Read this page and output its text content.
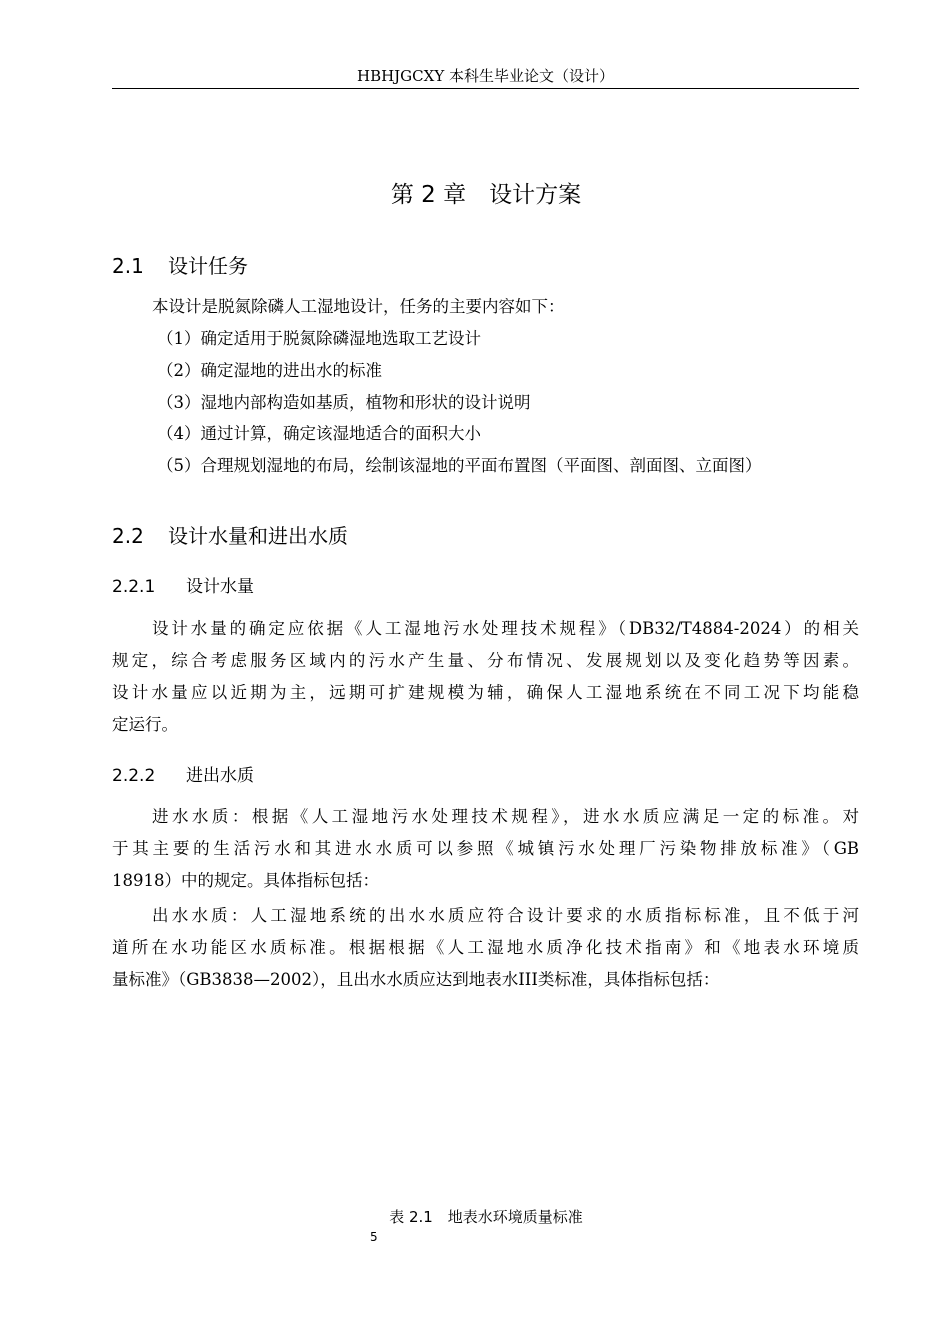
HBHJGCXY 本科生毕业论文（设计）
第 2 章　设计方案
2.1 设计任务
本设计是脱氮除磷人工湿地设计，任务的主要内容如下：
（1）确定适用于脱氮除磷湿地选取工艺设计
（2）确定湿地的进出水的标准
（3）湿地内部构造如基质，植物和形状的设计说明
（4）通过计算，确定该湿地适合的面积大小
（5）合理规划湿地的布局，绘制该湿地的平面布置图（平面图、剖面图、立面图）
2.2 设计水量和进出水质
2.2.1 设计水量
设计水量的确定应依据《人工湿地污水处理技术规程》（DB32/T4884-2024）的相关
规定，综合考虑服务区域内的污水产生量、分布情况、发展规划以及变化趋势等因素。
设计水量应以近期为主，远期可扩建规模为辅，确保人工湿地系统在不同工况下均能稳
定运行。
2.2.2 进出水质
进水水质：根据《人工湿地污水处理技术规程》，进水水质应满足一定的标准。对
于其主要的生活污水和其进水水质可以参照《城镇污水处理厂污染物排放标准》（GB
18918）中的规定。具体指标包括：
出水水质：人工湿地系统的出水水质应符合设计要求的水质指标标准，且不低于河
道所在水功能区水质标准。根据根据《人工湿地水质净化技术指南》和《地表水环境质
量标准》（GB3838—2002），且出水水质应达到地表水III类标准，具体指标包括：
表 2.1　地表水环境质量标准
5
